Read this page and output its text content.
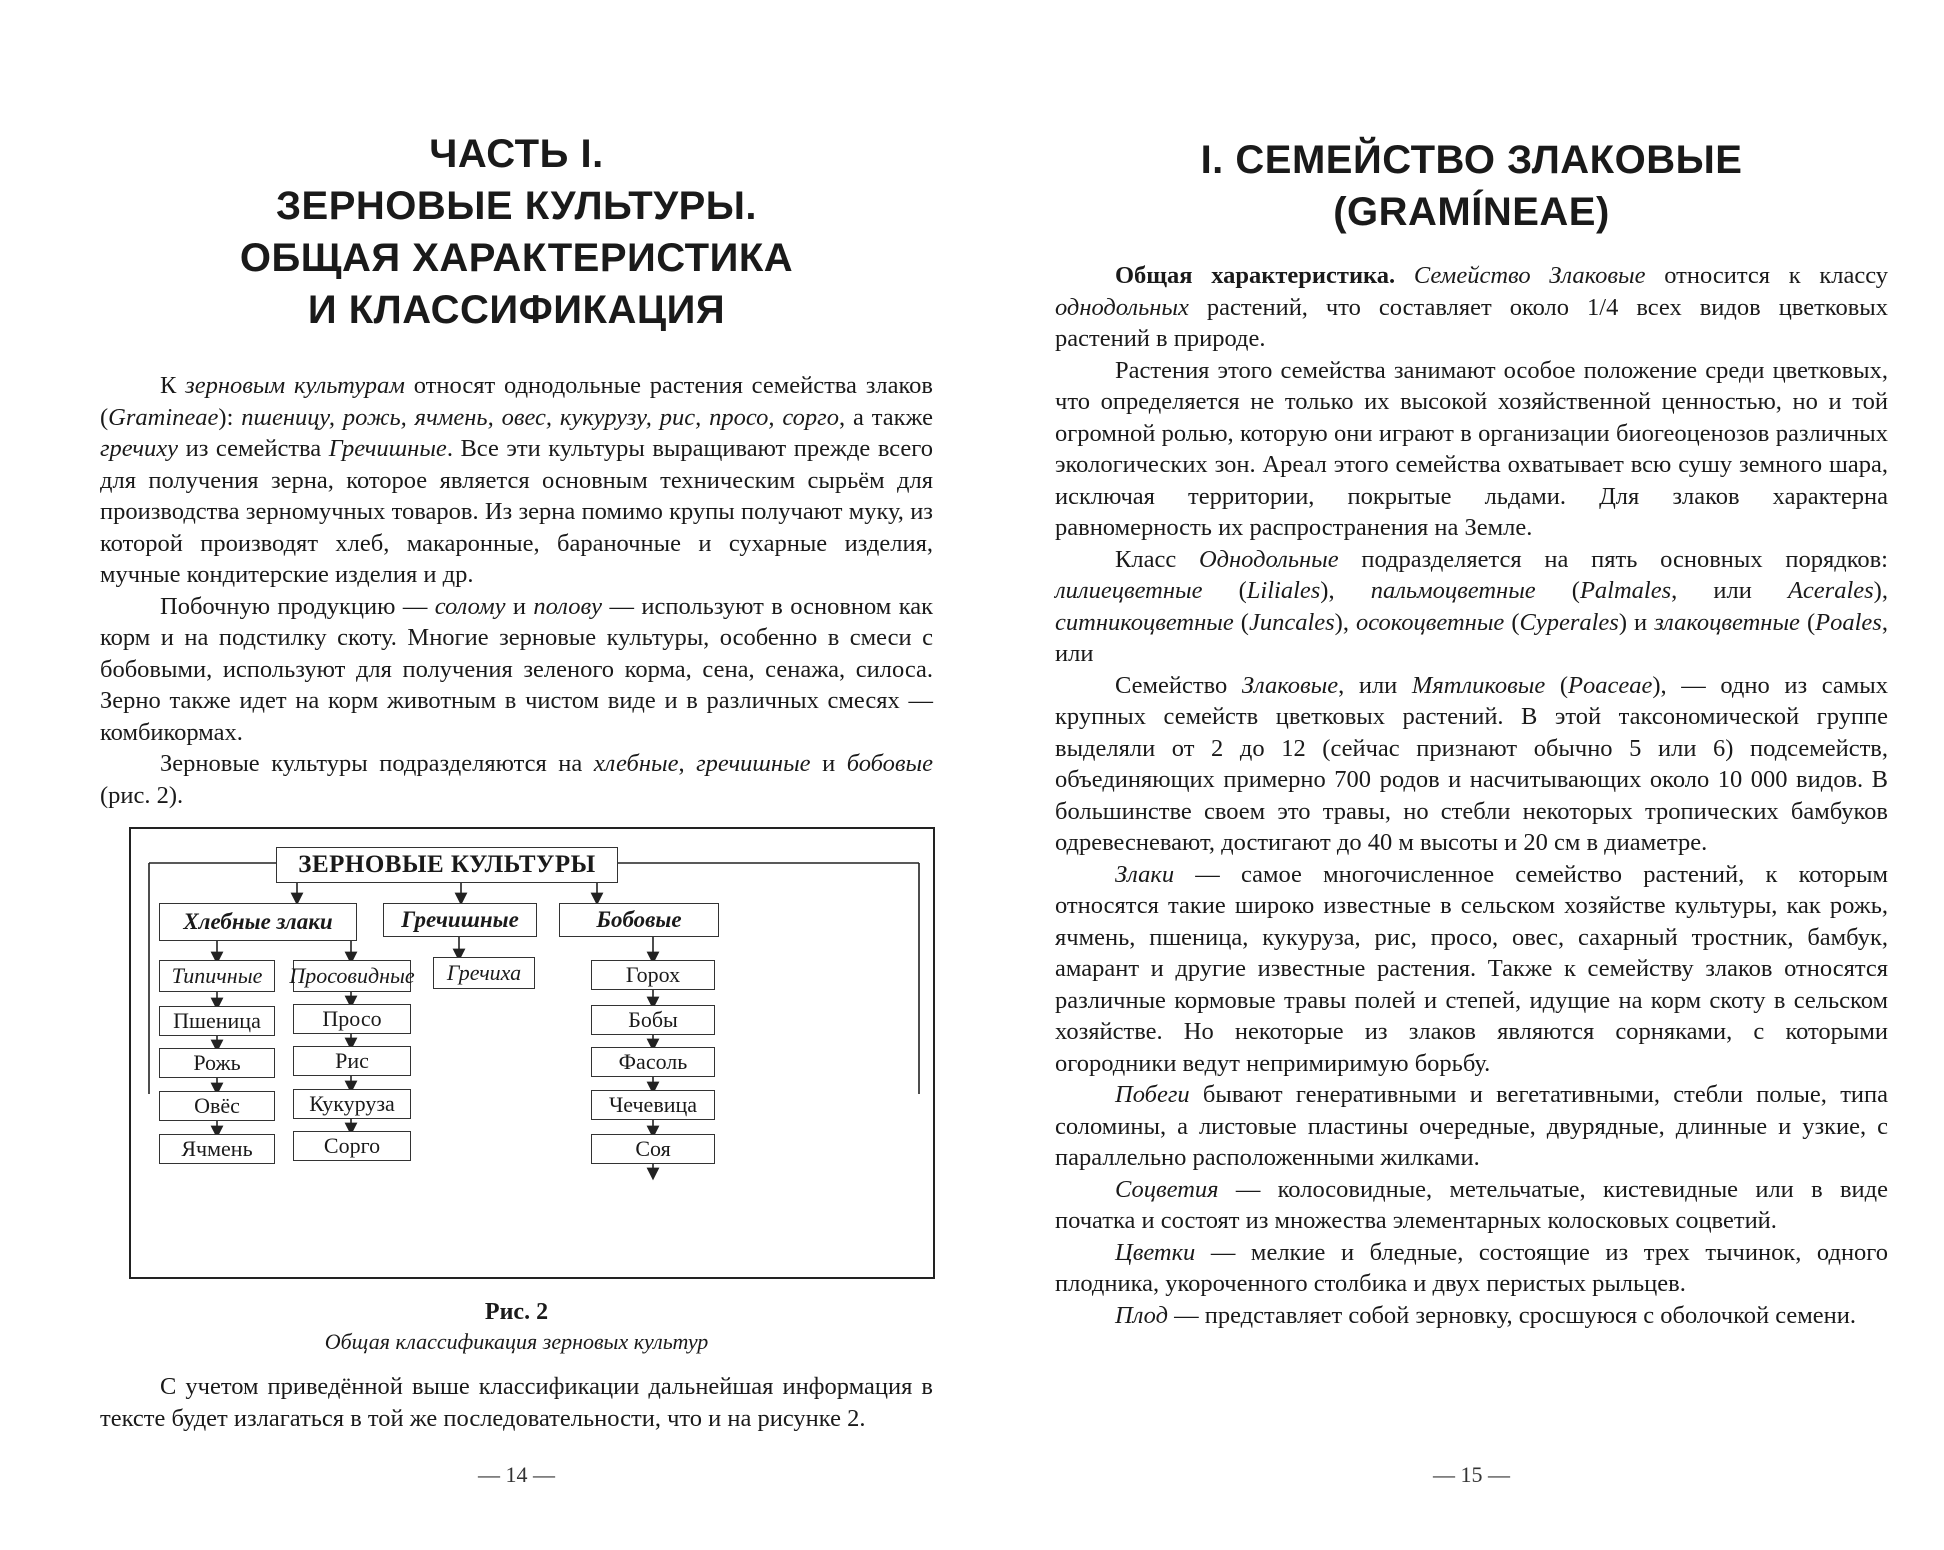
ЧАСТЬ I.
ЗЕРНОВЫЕ КУЛЬТУРЫ.
ОБЩАЯ ХАРАКТЕРИСТИКА
И КЛАССИФИКАЦИЯ

К зерновым культурам относят однодольные растения семейства злаков (Gramineae): пшеницу, рожь, ячмень, овес, кукурузу, рис, просо, сорго, а также гречиху из семейства Гречишные. Все эти культуры выращивают прежде всего для получения зерна, которое является основным техническим сырьём для производства зерномучных товаров. Из зерна помимо крупы получают муку, из которой производят хлеб, макаронные, бараночные и сухарные изделия, мучные кондитерские изделия и др.

Побочную продукцию — солому и полову — используют в основном как корм и на подстилку скоту. Многие зерновые культуры, особенно в смеси с бобовыми, используют для получения зеленого корма, сена, сенажа, силоса. Зерно также идет на корм животным в чистом виде и в различных смесях — комбикормах.

Зерновые культуры подразделяются на хлебные, гречишные и бобовые (рис. 2).

ЗЕРНОВЫЕ КУЛЬТУРЫ
Хлебные злаки	Гречишные	Бобовые
Типичные	Просовидные	Гречиха
Пшеница
Рожь
Овёс
Ячмень
Просо
Рис
Кукуруза
Сорго
Горох
Бобы
Фасоль
Чечевица
Соя
Рис. 2
Общая классификация зерновых культур

С учетом приведённой выше классификации дальнейшая информация в тексте будет излагаться в той же последовательности, что и на рисунке 2.

— 14 —
I. СЕМЕЙСТВО ЗЛАКОВЫЕ
(GRAMÍNEAE)

Общая характеристика. Семейство Злаковые относится к классу однодольных растений, что составляет около 1/4 всех видов цветковых растений в природе.

Растения этого семейства занимают особое положение среди цветковых, что определяется не только их высокой хозяйственной ценностью, но и той огромной ролью, которую они играют в организации биогеоценозов различных экологических зон. Ареал этого семейства охватывает всю сушу земного шара, исключая территории, покрытые льдами. Для злаков характерна равномерность их распространения на Земле.

Класс Однодольные подразделяется на пять основных порядков: лилиецветные (Liliales), пальмоцветные (Palmales, или Acerales), ситникоцветные (Juncales), осокоцветные (Cyperales) и злакоцветные (Poales, или

Семейство Злаковые, или Мятликовые (Poaceae), — одно из самых крупных семейств цветковых растений. В этой таксономической группе выделяли от 2 до 12 (сейчас признают обычно 5 или 6) подсемейств, объединяющих примерно 700 родов и насчитывающих около 10 000 видов. В большинстве своем это травы, но стебли некоторых тропических бамбуков одревесневают, достигают до 40 м высоты и 20 см в диаметре.

Злаки — самое многочисленное семейство растений, к которым относятся такие широко известные в сельском хозяйстве культуры, как рожь, ячмень, пшеница, кукуруза, рис, просо, овес, сахарный тростник, бамбук, амарант и другие известные растения. Также к семейству злаков относятся различные кормовые травы полей и степей, идущие на корм скоту в сельском хозяйстве. Но некоторые из злаков являются сорняками, с которыми огородники ведут непримиримую борьбу.

Побеги бывают генеративными и вегетативными, стебли полые, типа соломины, а листовые пластины очередные, двурядные, длинные и узкие, с параллельно расположенными жилками.

Соцветия — колосовидные, метельчатые, кистевидные или в виде початка и состоят из множества элементарных колосковых соцветий.

Цветки — мелкие и бледные, состоящие из трех тычинок, одного плодника, укороченного столбика и двух перистых рыльцев.

Плод — представляет собой зерновку, сросшуюся с оболочкой семени.

— 15 —
